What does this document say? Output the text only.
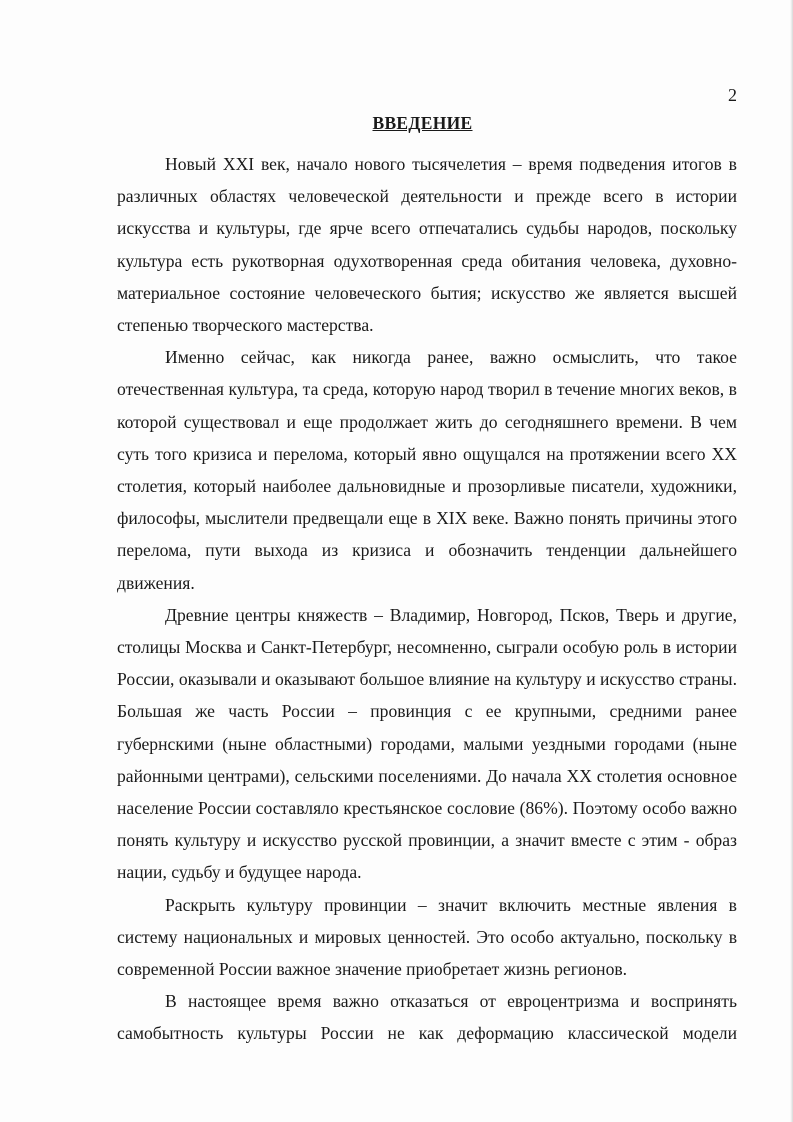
2
ВВЕДЕНИЕ

Новый XXI век, начало нового тысячелетия – время подведения итогов в различных областях человеческой деятельности и прежде всего в истории искусства и культуры, где ярче всего отпечатались судьбы народов, поскольку культура есть рукотворная одухотворенная среда обитания человека, духовно-материальное состояние человеческого бытия; искусство же является высшей степенью творческого мастерства.

Именно сейчас, как никогда ранее, важно осмыслить, что такое отечественная культура, та среда, которую народ творил в течение многих веков, в которой существовал и еще продолжает жить до сегодняшнего времени. В чем суть того кризиса и перелома, который явно ощущался на протяжении всего XX столетия, который наиболее дальновидные и прозорливые писатели, художники, философы, мыслители предвещали еще в XIX веке. Важно понять причины этого перелома, пути выхода из кризиса и обозначить тенденции дальнейшего движения.

Древние центры княжеств – Владимир, Новгород, Псков, Тверь и другие, столицы Москва и Санкт-Петербург, несомненно, сыграли особую роль в истории России, оказывали и оказывают большое влияние на культуру и искусство страны. Большая же часть России – провинция с ее крупными, средними ранее губернскими (ныне областными) городами, малыми уездными городами (ныне районными центрами), сельскими поселениями. До начала XX столетия основное население России составляло крестьянское сословие (86%). Поэтому особо важно понять культуру и искусство русской провинции, а значит вместе с этим - образ нации, судьбу и будущее народа.

Раскрыть культуру провинции – значит включить местные явления в систему национальных и мировых ценностей. Это особо актуально, поскольку в современной России важное значение приобретает жизнь регионов.

В настоящее время важно отказаться от евроцентризма и воспринять самобытность культуры России не как деформацию классической модели
